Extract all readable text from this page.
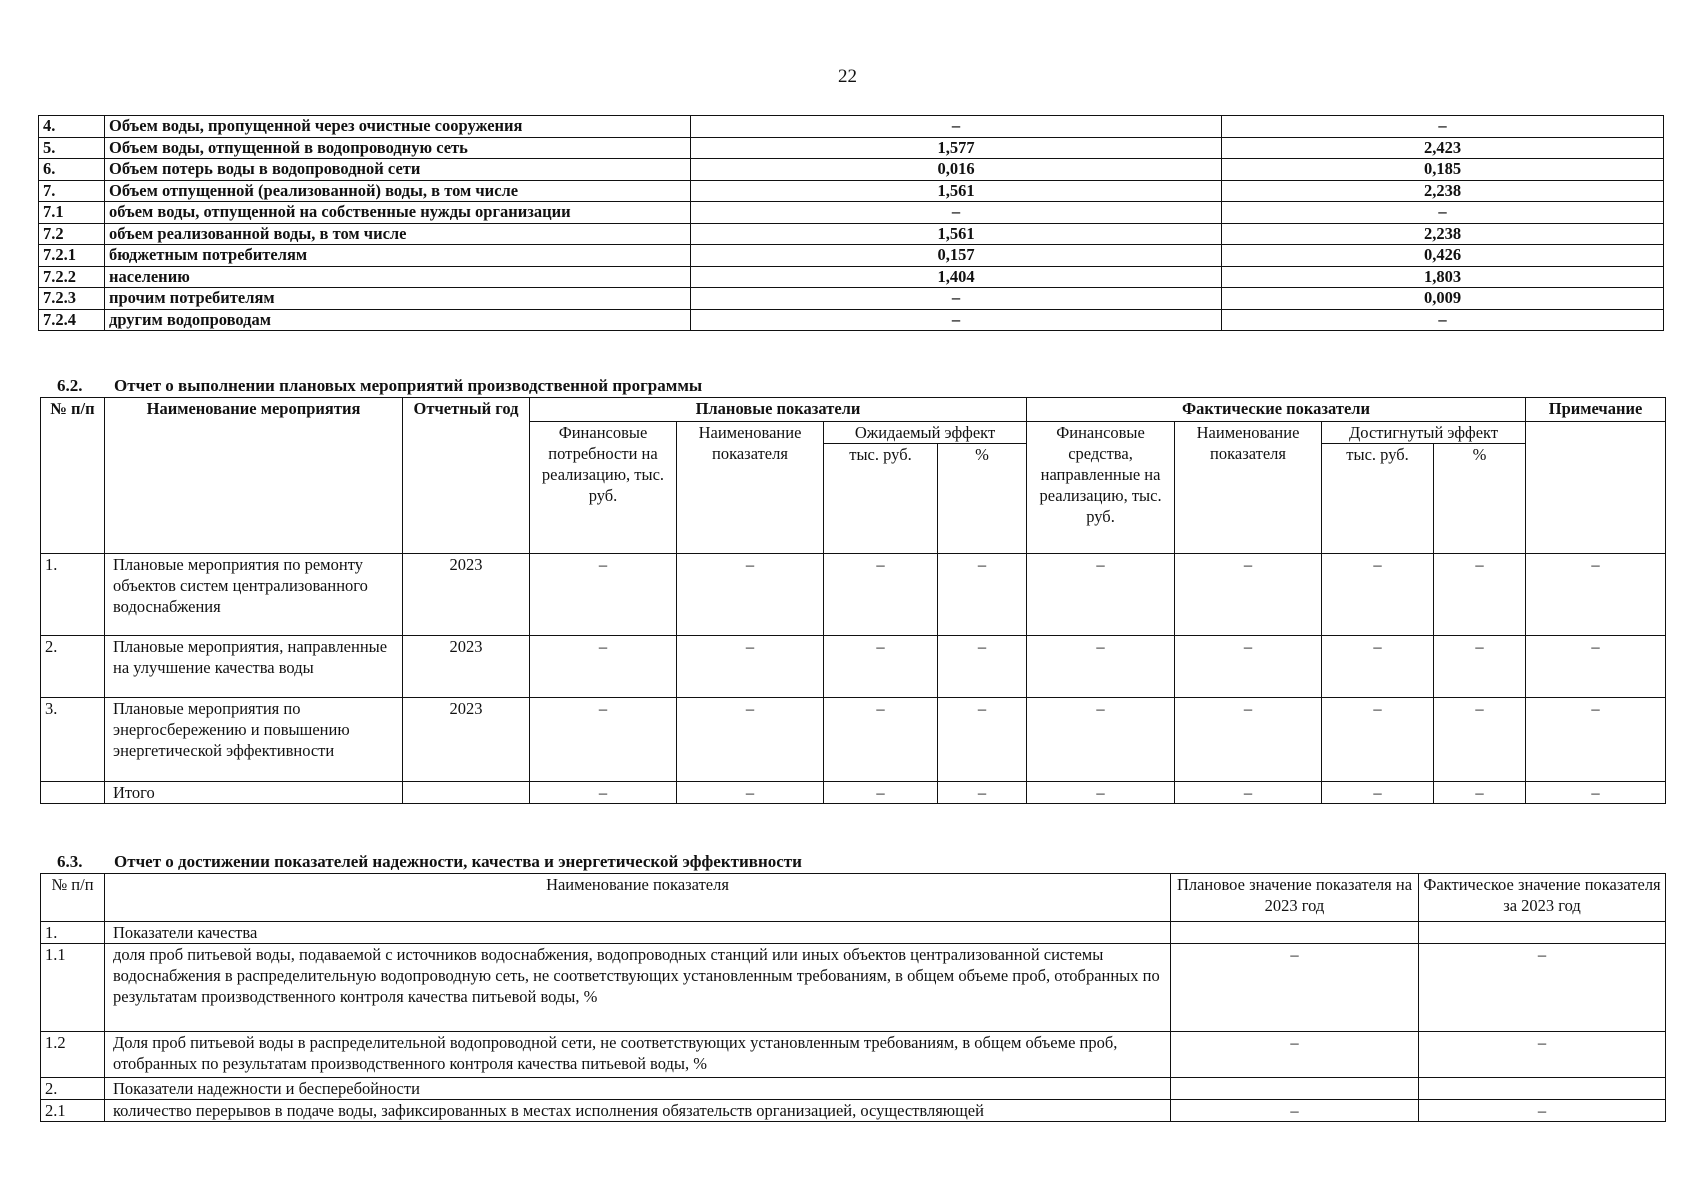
22
4.	Объем воды, пропущенной через очистные сооружения	–	–
5.	Объем воды, отпущенной в водопроводную сеть	1,577	2,423
6.	Объем потерь воды в водопроводной сети	0,016	0,185
7.	Объем отпущенной (реализованной) воды, в том числе	1,561	2,238
7.1	объем воды, отпущенной на собственные нужды организации	–	–
7.2	объем реализованной воды, в том числе	1,561	2,238
7.2.1	бюджетным потребителям	0,157	0,426
7.2.2	населению	1,404	1,803
7.2.3	прочим потребителям	–	0,009
7.2.4	другим водопроводам	–	–
6.2. Отчет о выполнении плановых мероприятий производственной программы
№ п/п	Наименование мероприятия	Отчетный год	Плановые показатели				Фактические показатели				Примечание
			Финансовые потребности на реализацию, тыс. руб.	Наименование показателя	Ожидаемый эффект		Финансовые средства, направленные на реализацию, тыс. руб.	Наименование показателя	Достигнутый эффект		
					тыс. руб.	%			тыс. руб.	%	
1.	Плановые мероприятия по ремонту объектов систем централизованного водоснабжения	2023	–	–	–	–	–	–	–	–	–
2.	Плановые мероприятия, направленные на улучшение качества воды	2023	–	–	–	–	–	–	–	–	–
3.	Плановые мероприятия по энергосбережению и повышению энергетической эффективности	2023	–	–	–	–	–	–	–	–	–
	Итого		–	–	–	–	–	–	–	–	–
6.3. Отчет о достижении показателей надежности, качества и энергетической эффективности
№ п/п	Наименование показателя	Плановое значение показателя на 2023 год	Фактическое значение показателя за 2023 год
1.	Показатели качества		
1.1	доля проб питьевой воды, подаваемой с источников водоснабжения, водопроводных станций или иных объектов централизованной системы водоснабжения в распределительную водопроводную сеть, не соответствующих установленным требованиям, в общем объеме проб, отобранных по результатам производственного контроля качества питьевой воды, %	–	–
1.2	Доля проб питьевой воды в распределительной водопроводной сети, не соответствующих установленным требованиям, в общем объеме проб, отобранных по результатам производственного контроля качества питьевой воды, %	–	–
2.	Показатели надежности и бесперебойности		
2.1	количество перерывов в подаче воды, зафиксированных в местах исполнения обязательств организацией, осуществляющей	–	–
